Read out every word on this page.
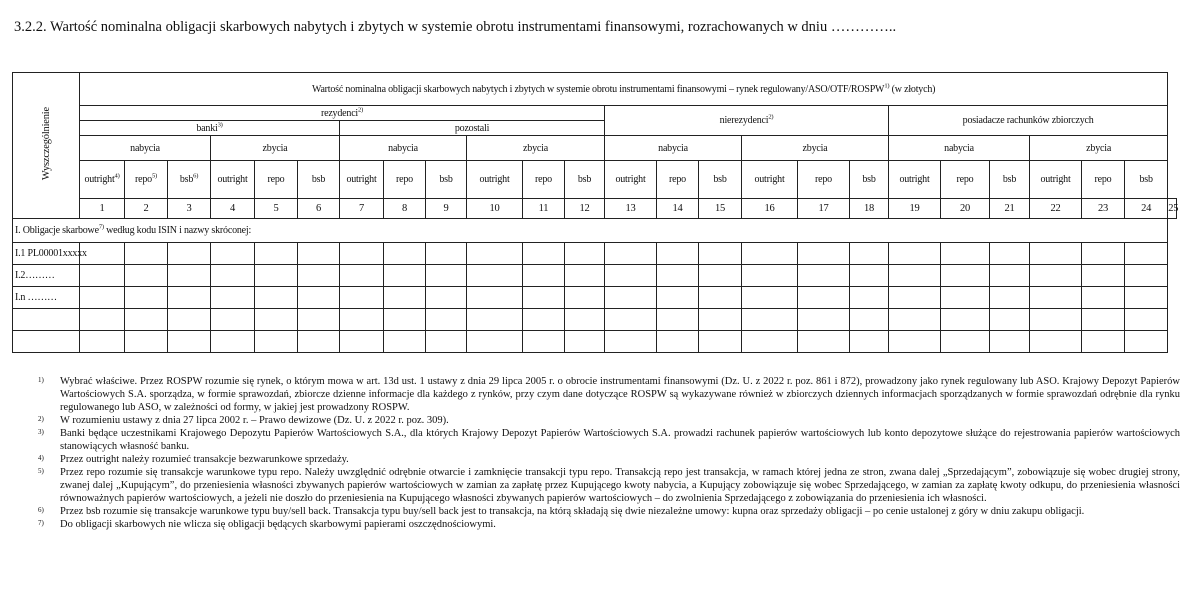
3.2.2. Wartość nominalna obligacji skarbowych nabytych i zbytych w systemie obrotu instrumentami finansowymi, rozrachowanych w dniu …………..
Wyszczególnienie	Wartość nominalna obligacji skarbowych nabytych i zbytych w systemie obrotu instrumentami finansowymi – rynek regulowany/ASO/OTF/ROSPW$^{1)}$ (w złotych)																								
	rezydenci$^{2)}$												nierezydenci$^{2)}$						posiadacze rachunków zbiorczych						
	banki$^{3)}$						pozostali																		
	nabycia			zbycia			nabycia			zbycia			nabycia			zbycia			nabycia			zbycia			
	outright$^{4)}$	repo$^{5)}$	bsb$^{6)}$	outright	repo	bsb	outright	repo	bsb	outright	repo	bsb	outright	repo	bsb	outright	repo	bsb	outright	repo	bsb	outright	repo	bsb	
	1	2	3	4	5	6	7	8	9	10	11	12	13	14	15	16	17	18	19	20	21	22	23	24	25
I. Obligacje skarbowe$^{7)}$ według kodu ISIN i nazwy skróconej:																									
I.1 PL00001xxxxx																									
I.2………																									
I.n ………																									

1) Wybrać właściwe. Przez ROSPW rozumie się rynek, o którym mowa w art. 13d ust. 1 ustawy z dnia 29 lipca 2005 r. o obrocie instrumentami finansowymi (Dz. U. z 2022 r. poz. 861 i 872), prowadzony jako rynek regulowany lub ASO. Krajowy Depozyt Papierów Wartościowych S.A. sporządza, w formie sprawozdań, zbiorcze dzienne informacje dla każdego z rynków, przy czym dane dotyczące ROSPW są wykazywane również w zbiorczych dziennych informacjach sporządzanych w formie sprawozdań odrębnie dla rynku regulowanego lub ASO, w zależności od formy, w jakiej jest prowadzony ROSPW.
2) W rozumieniu ustawy z dnia 27 lipca 2002 r. – Prawo dewizowe (Dz. U. z 2022 r. poz. 309).
3) Banki będące uczestnikami Krajowego Depozytu Papierów Wartościowych S.A., dla których Krajowy Depozyt Papierów Wartościowych S.A. prowadzi rachunek papierów wartościowych lub konto depozytowe służące do rejestrowania papierów wartościowych stanowiących własność banku.
4) Przez outright należy rozumieć transakcje bezwarunkowe sprzedaży.
5) Przez repo rozumie się transakcje warunkowe typu repo. Należy uwzględnić odrębnie otwarcie i zamknięcie transakcji typu repo. Transakcją repo jest transakcja, w ramach której jedna ze stron, zwana dalej „Sprzedającym”, zobowiązuje się wobec drugiej strony, zwanej dalej „Kupującym”, do przeniesienia własności zbywanych papierów wartościowych w zamian za zapłatę przez Kupującego kwoty nabycia, a Kupujący zobowiązuje się wobec Sprzedającego, w zamian za zapłatę kwoty odkupu, do przeniesienia własności równoważnych papierów wartościowych, a jeżeli nie doszło do przeniesienia na Kupującego własności zbywanych papierów wartościowych – do zwolnienia Sprzedającego z zobowiązania do przeniesienia ich własności.
6) Przez bsb rozumie się transakcje warunkowe typu buy/sell back. Transakcja typu buy/sell back jest to transakcja, na którą składają się dwie niezależne umowy: kupna oraz sprzedaży obligacji – po cenie ustalonej z góry w dniu zakupu obligacji.
7) Do obligacji skarbowych nie wlicza się obligacji będących skarbowymi papierami oszczędnościowymi.
